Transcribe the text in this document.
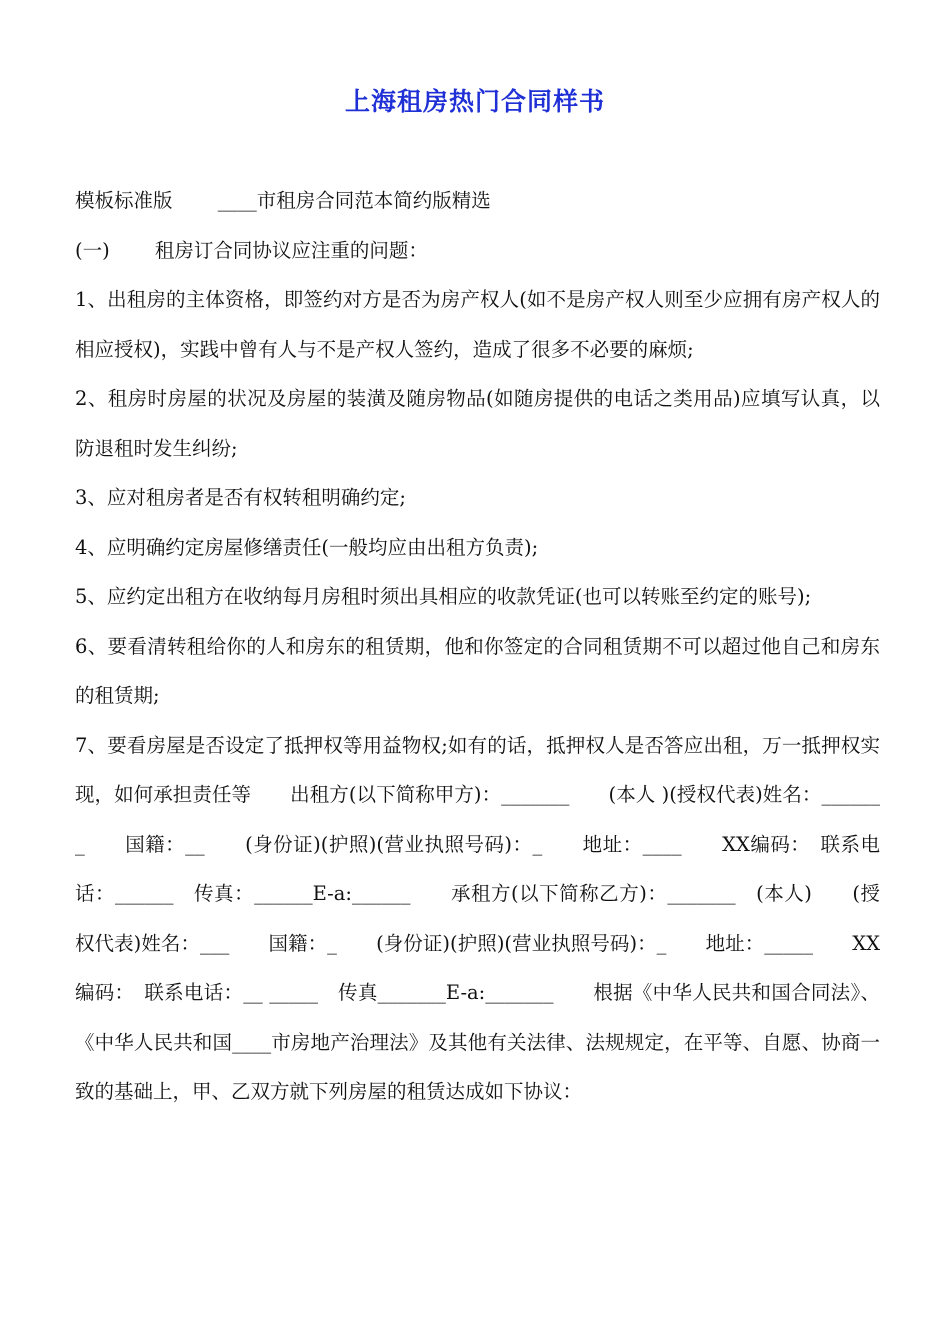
上海租房热门合同样书

模板标准版　　 ____市租房合同范本简约版精选

(一)　　 租房订合同协议应注重的问题：

1、出租房的主体资格，即签约对方是否为房产权人(如不是房产权人则至少应拥有房产权人的相应授权)，实践中曾有人与不是产权人签约，造成了很多不必要的麻烦;

2、租房时房屋的状况及房屋的装潢及随房物品(如随房提供的电话之类用品)应填写认真，以防退租时发生纠纷;

3、应对租房者是否有权转租明确约定;

4、应明确约定房屋修缮责任(一般均应由出租方负责);

5、应约定出租方在收纳每月房租时须出具相应的收款凭证(也可以转账至约定的账号);

6、要看清转租给你的人和房东的租赁期，他和你签定的合同租赁期不可以超过他自己和房东的租赁期;

7、要看房屋是否设定了抵押权等用益物权;如有的话，抵押权人是否答应出租，万一抵押权实现，如何承担责任等　　出租方(以下简称甲方)：_______　　(本人 )(授权代表)姓名：_______　　国籍：__　　(身份证)(护照)(营业执照号码)：_　　地址：____　　XX编码：　联系电话：______　传真：______E-a:______　　承租方(以下简称乙方)：_______　(本人)　　(授权代表)姓名：___　　国籍：_　　(身份证)(护照)(营业执照号码)：_　　地址：_____　　XX编码：　联系电话：__ _____　传真_______E-a:_______　　根据《中华人民共和国合同法》、《中华人民共和国____市房地产治理法》及其他有关法律、法规规定，在平等、自愿、协商一致的基础上，甲、乙双方就下列房屋的租赁达成如下协议：
